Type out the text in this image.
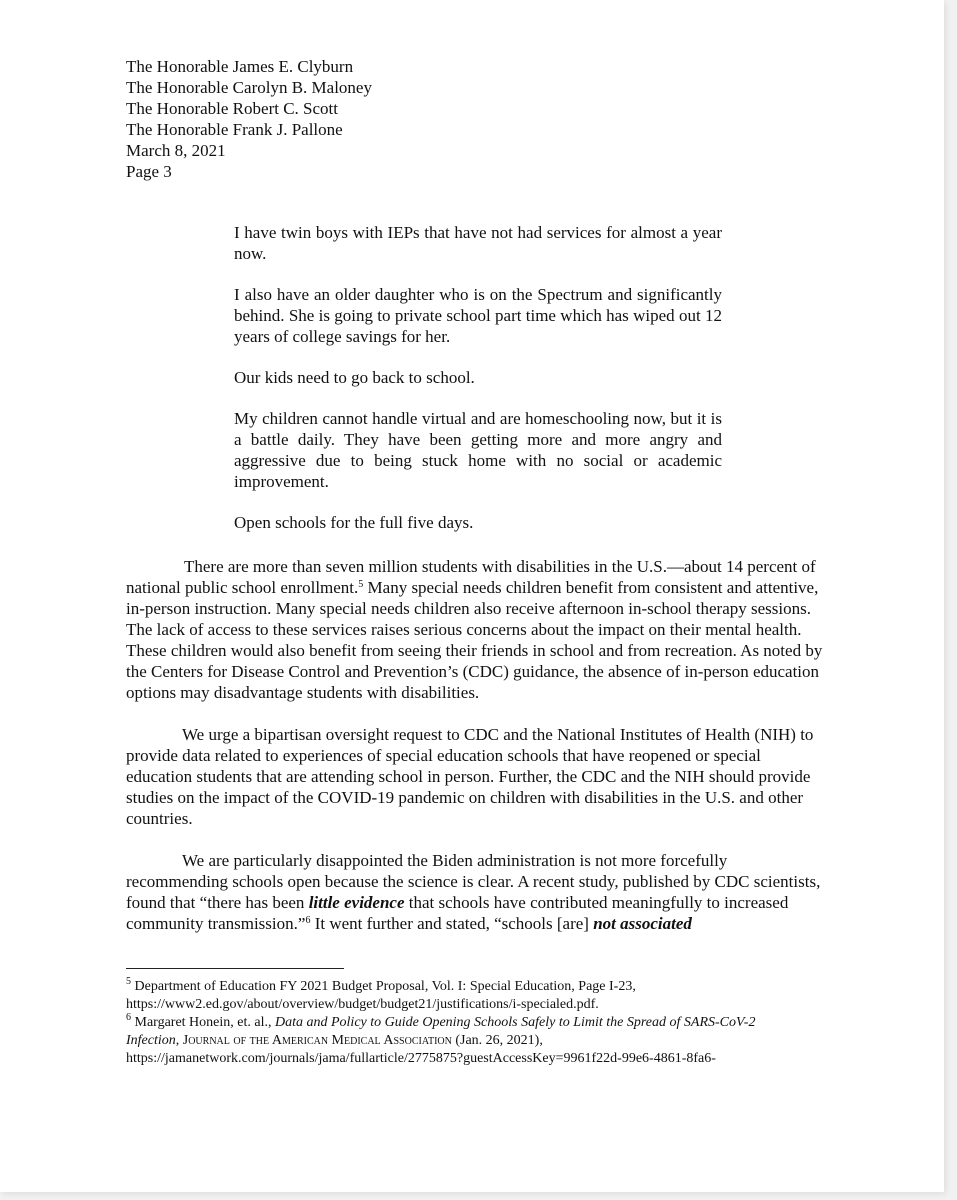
The Honorable James E. Clyburn
The Honorable Carolyn B. Maloney
The Honorable Robert C. Scott
The Honorable Frank J. Pallone
March 8, 2021
Page 3

I have twin boys with IEPs that have not had services for almost a year now.

I also have an older daughter who is on the Spectrum and significantly behind. She is going to private school part time which has wiped out 12 years of college savings for her.

Our kids need to go back to school.

My children cannot handle virtual and are homeschooling now, but it is a battle daily. They have been getting more and more angry and aggressive due to being stuck home with no social or academic improvement.

Open schools for the full five days.

There are more than seven million students with disabilities in the U.S.—about 14 percent of national public school enrollment.$^5$ Many special needs children benefit from consistent and attentive, in-person instruction. Many special needs children also receive afternoon in-school therapy sessions. The lack of access to these services raises serious concerns about the impact on their mental health. These children would also benefit from seeing their friends in school and from recreation. As noted by the Centers for Disease Control and Prevention’s (CDC) guidance, the absence of in-person education options may disadvantage students with disabilities.

We urge a bipartisan oversight request to CDC and the National Institutes of Health (NIH) to provide data related to experiences of special education schools that have reopened or special education students that are attending school in person. Further, the CDC and the NIH should provide studies on the impact of the COVID-19 pandemic on children with disabilities in the U.S. and other countries.

We are particularly disappointed the Biden administration is not more forcefully recommending schools open because the science is clear. A recent study, published by CDC scientists, found that “there has been little evidence that schools have contributed meaningfully to increased community transmission.”$^6$ It went further and stated, “schools [are] not associated

$^5$ Department of Education FY 2021 Budget Proposal, Vol. I: Special Education, Page I-23,
https://www2.ed.gov/about/overview/budget/budget21/justifications/i-specialed.pdf.
$^6$ Margaret Honein, et. al., Data and Policy to Guide Opening Schools Safely to Limit the Spread of SARS-CoV-2
Infection, Journal of the American Medical Association (Jan. 26, 2021),
https://jamanetwork.com/journals/jama/fullarticle/2775875?guestAccessKey=9961f22d-99e6-4861-8fa6-
